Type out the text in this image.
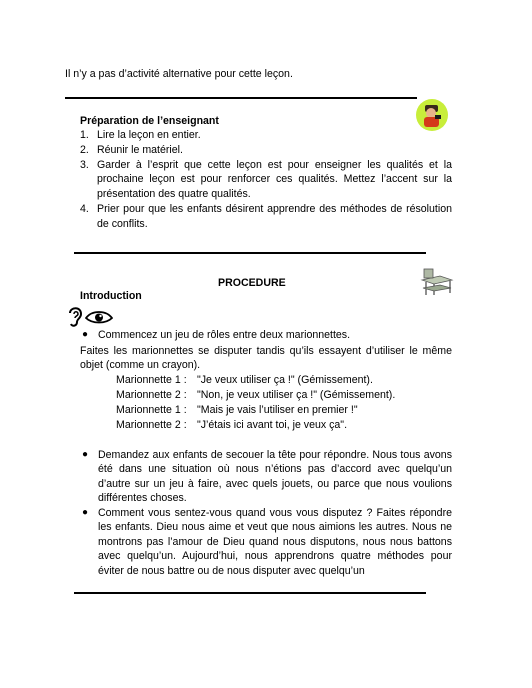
Il n’y a pas d’activité alternative pour cette leçon.
Préparation de l’enseignant
1. Lire la leçon en entier.
2. Réunir le matériel.
3. Garder à l’esprit que cette leçon est pour enseigner les qualités et la prochaine leçon est pour renforcer ces qualités. Mettez l’accent sur la présentation des quatre qualités.
4. Prier pour que les enfants désirent apprendre des méthodes de résolution de conflits.
PROCEDURE
Introduction
● Commencez un jeu de rôles entre deux marionnettes.
Faites les marionnettes se disputer tandis qu’ils essayent d’utiliser le même objet (comme un crayon).
Marionnette 1 : "Je veux utiliser ça !" (Gémissement).
Marionnette 2 : "Non, je veux utiliser ça !" (Gémissement).
Marionnette 1 : "Mais je vais l’utiliser en premier !"
Marionnette 2 : "J’étais ici avant toi, je veux ça".
● Demandez aux enfants de secouer la tête pour répondre. Nous tous avons été dans une situation où nous n’étions pas d’accord avec quelqu’un d’autre sur un jeu à faire, avec quels jouets, ou parce que nous voulions différentes choses.
● Comment vous sentez-vous quand vous vous disputez ? Faites répondre les enfants. Dieu nous aime et veut que nous aimions les autres. Nous ne montrons pas l’amour de Dieu quand nous disputons, nous nous battons avec quelqu’un. Aujourd’hui, nous apprendrons quatre méthodes pour éviter de nous battre ou de nous disputer avec quelqu’un
